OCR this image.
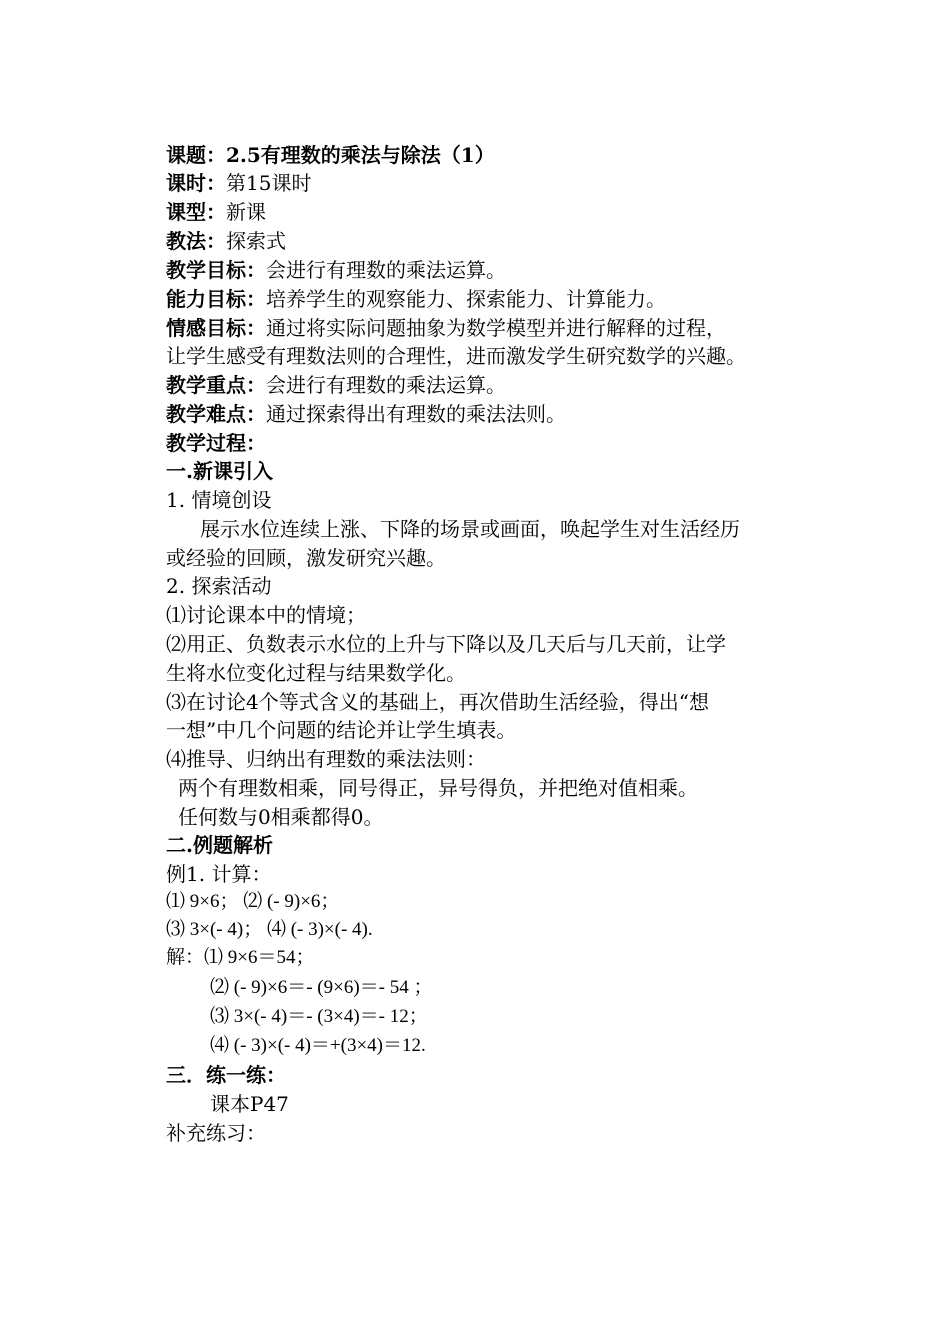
课题：2.5有理数的乘法与除法（1）
课时：第15课时
课型：新课
教法：探索式
教学目标：会进行有理数的乘法运算。
能力目标：培养学生的观察能力、探索能力、计算能力。
情感目标：通过将实际问题抽象为数学模型并进行解释的过程，
让学生感受有理数法则的合理性，进而激发学生研究数学的兴趣。
教学重点：会进行有理数的乘法运算。
教学难点：通过探索得出有理数的乘法法则。
教学过程：
一.新课引入
1. 情境创设
展示水位连续上涨、下降的场景或画面，唤起学生对生活经历
或经验的回顾，激发研究兴趣。
2. 探索活动
⑴讨论课本中的情境；
⑵用正、负数表示水位的上升与下降以及几天后与几天前，让学
生将水位变化过程与结果数学化。
⑶在讨论4个等式含义的基础上，再次借助生活经验，得出“想
一想”中几个问题的结论并让学生填表。
⑷推导、归纳出有理数的乘法法则：
两个有理数相乘，同号得正，异号得负，并把绝对值相乘。
任何数与0相乘都得0。
二.例题解析
例1. 计算：
⑴ 9×6； ⑵ (- 9)×6；
⑶ 3×(- 4)； ⑷ (- 3)×(- 4).
解：⑴ 9×6＝54；
⑵ (- 9)×6＝- (9×6)＝- 54 ；
⑶ 3×(- 4)＝- (3×4)＝- 12；
⑷ (- 3)×(- 4)＝+(3×4)＝12.
三．练一练：
课本P47
补充练习：
